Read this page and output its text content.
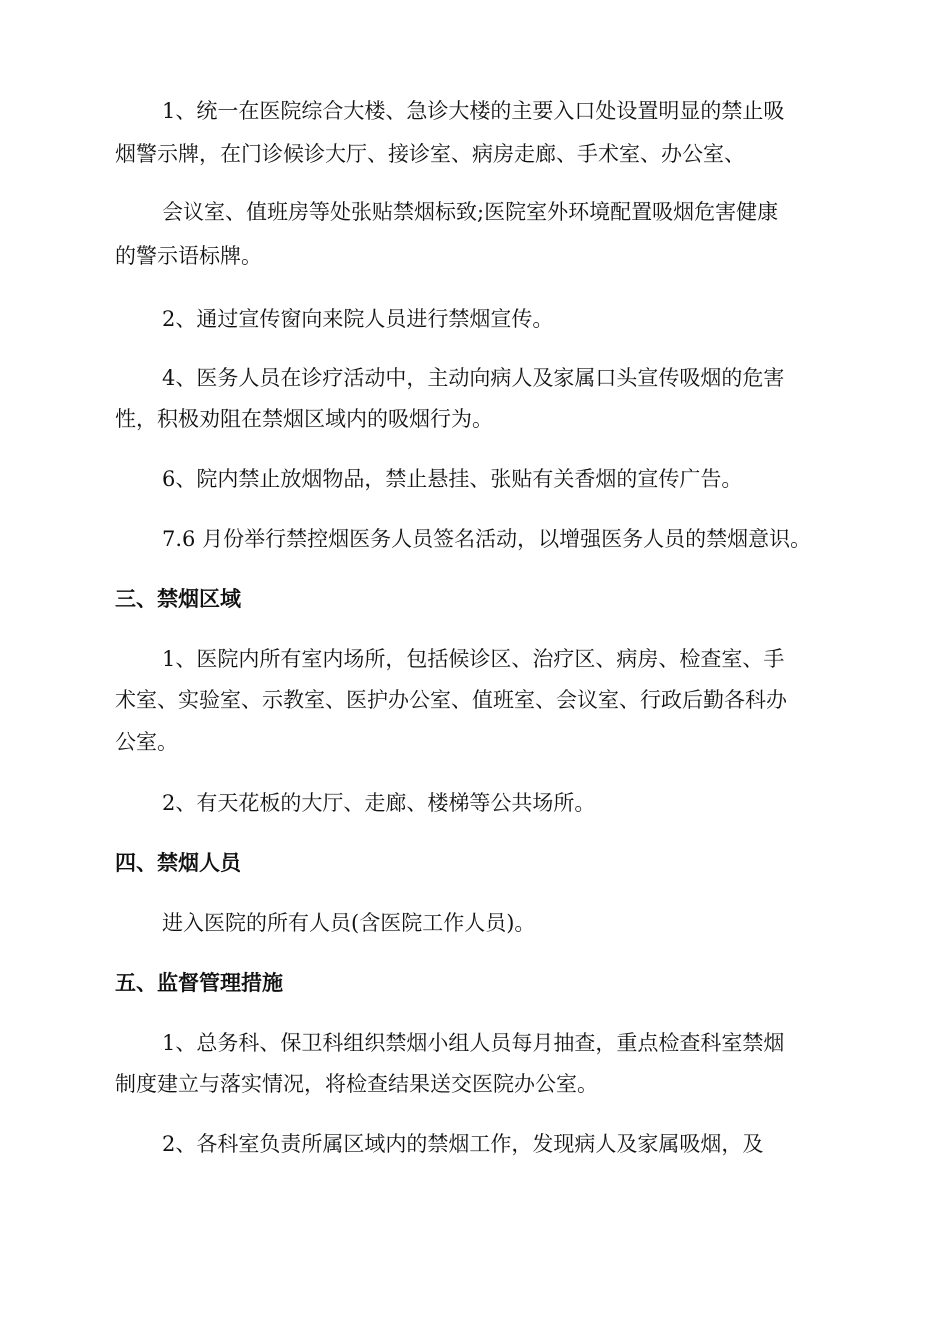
1、统一在医院综合大楼、急诊大楼的主要入口处设置明显的禁止吸

烟警示牌，在门诊候诊大厅、接诊室、病房走廊、手术室、办公室、

会议室、值班房等处张贴禁烟标致;医院室外环境配置吸烟危害健康

的警示语标牌。

2、通过宣传窗向来院人员进行禁烟宣传。

4、医务人员在诊疗活动中，主动向病人及家属口头宣传吸烟的危害

性，积极劝阻在禁烟区域内的吸烟行为。

6、院内禁止放烟物品，禁止悬挂、张贴有关香烟的宣传广告。

7.6 月份举行禁控烟医务人员签名活动，以增强医务人员的禁烟意识。

三、禁烟区域

1、医院内所有室内场所，包括候诊区、治疗区、病房、检查室、手

术室、实验室、示教室、医护办公室、值班室、会议室、行政后勤各科办

公室。

2、有天花板的大厅、走廊、楼梯等公共场所。

四、禁烟人员

进入医院的所有人员(含医院工作人员)。

五、监督管理措施

1、总务科、保卫科组织禁烟小组人员每月抽查，重点检查科室禁烟

制度建立与落实情况，将检查结果送交医院办公室。

2、各科室负责所属区域内的禁烟工作，发现病人及家属吸烟，及
